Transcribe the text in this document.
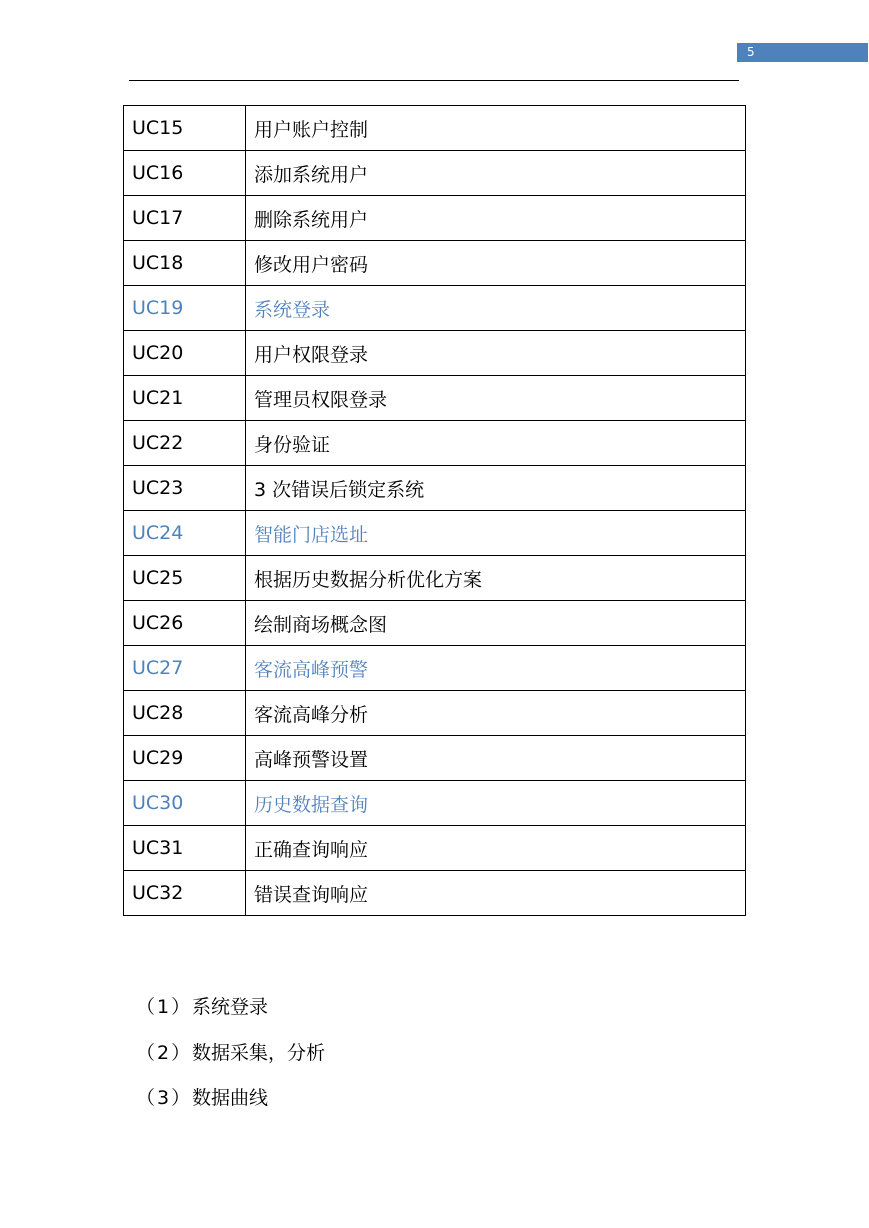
5
UC15	用户账户控制
UC16	添加系统用户
UC17	删除系统用户
UC18	修改用户密码
UC19	系统登录
UC20	用户权限登录
UC21	管理员权限登录
UC22	身份验证
UC23	3 次错误后锁定系统
UC24	智能门店选址
UC25	根据历史数据分析优化方案
UC26	绘制商场概念图
UC27	客流高峰预警
UC28	客流高峰分析
UC29	高峰预警设置
UC30	历史数据查询
UC31	正确查询响应
UC32	错误查询响应
（1）系统登录
（2）数据采集，分析
（3）数据曲线
